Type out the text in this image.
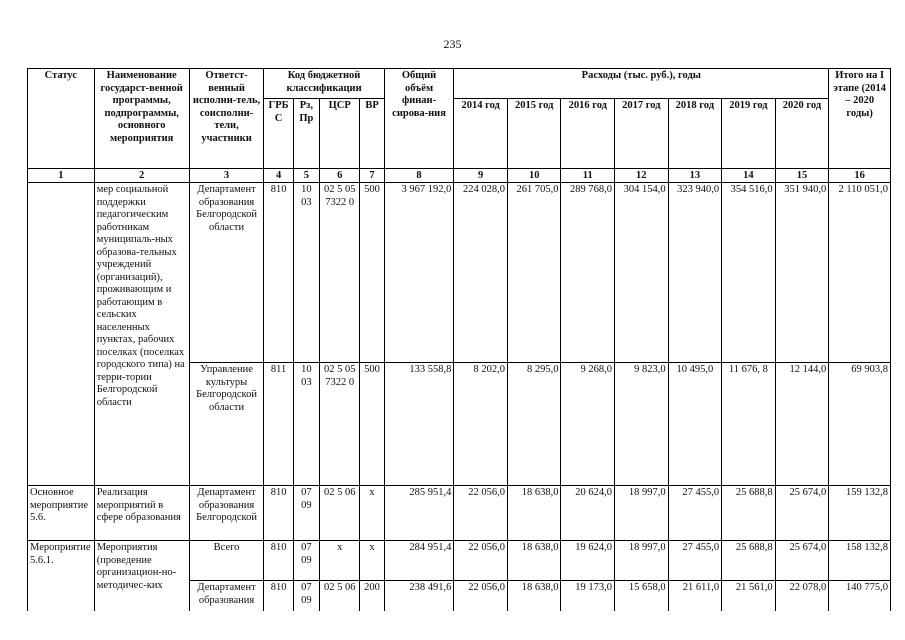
235
Статус	Наименование государст-венной программы, подпрограммы, основного мероприятия	Ответст-венный исполни-тель, соисполни-тели, участники	Код бюджетной классификации				Общий объём финан-сирова-ния	Расходы (тыс. руб.), годы							Итого на I этапе (2014 – 2020 годы)
			ГРБ С	Рз, Пр	ЦСР	ВР		2014 год	2015 год	2016 год	2017 год	2018 год	2019 год	2020 год	
1	2	3	4	5	6	7	8	9	10	11	12	13	14	15	16
	мер социальной поддержки педагогическим работникам муниципаль-ных образова-тельных учреждений (организаций), проживающим и работающим в сельских населенных пунктах, рабочих поселках (поселках городского типа) на терри-тории Белгородской области	Департамент образования Белгородской области	810	10 03	02 5 05 7322 0	500	3 967 192,0	224 028,0	261 705,0	289 768,0	304 154,0	323 940,0	354 516,0	351 940,0	2 110 051,0
		Управление культуры Белгородской области	811	10 03	02 5 05 7322 0	500	133 558,8	8 202,0	8 295,0	9 268,0	9 823,0	10 495,0	11 676, 8	12 144,0	69 903,8
Основное мероприятие 5.6.	Реализация мероприятий в сфере образования	Департамент образования Белгородской	810	07 09	02 5 06	х	285 951,4	22 056,0	18 638,0	20 624,0	18 997,0	27 455,0	25 688,8	25 674,0	159 132,8
Мероприятие 5.6.1.	Мероприятия (проведение организацион-но-методичес-ких	Всего	810	07 09	х	х	284 951,4	22 056,0	18 638,0	19 624,0	18 997,0	27 455,0	25 688,8	25 674,0	158 132,8
		Департамент образования	810	07 09	02 5 06	200	238 491,6	22 056,0	18 638,0	19 173,0	15 658,0	21 611,0	21 561,0	22 078,0	140 775,0
